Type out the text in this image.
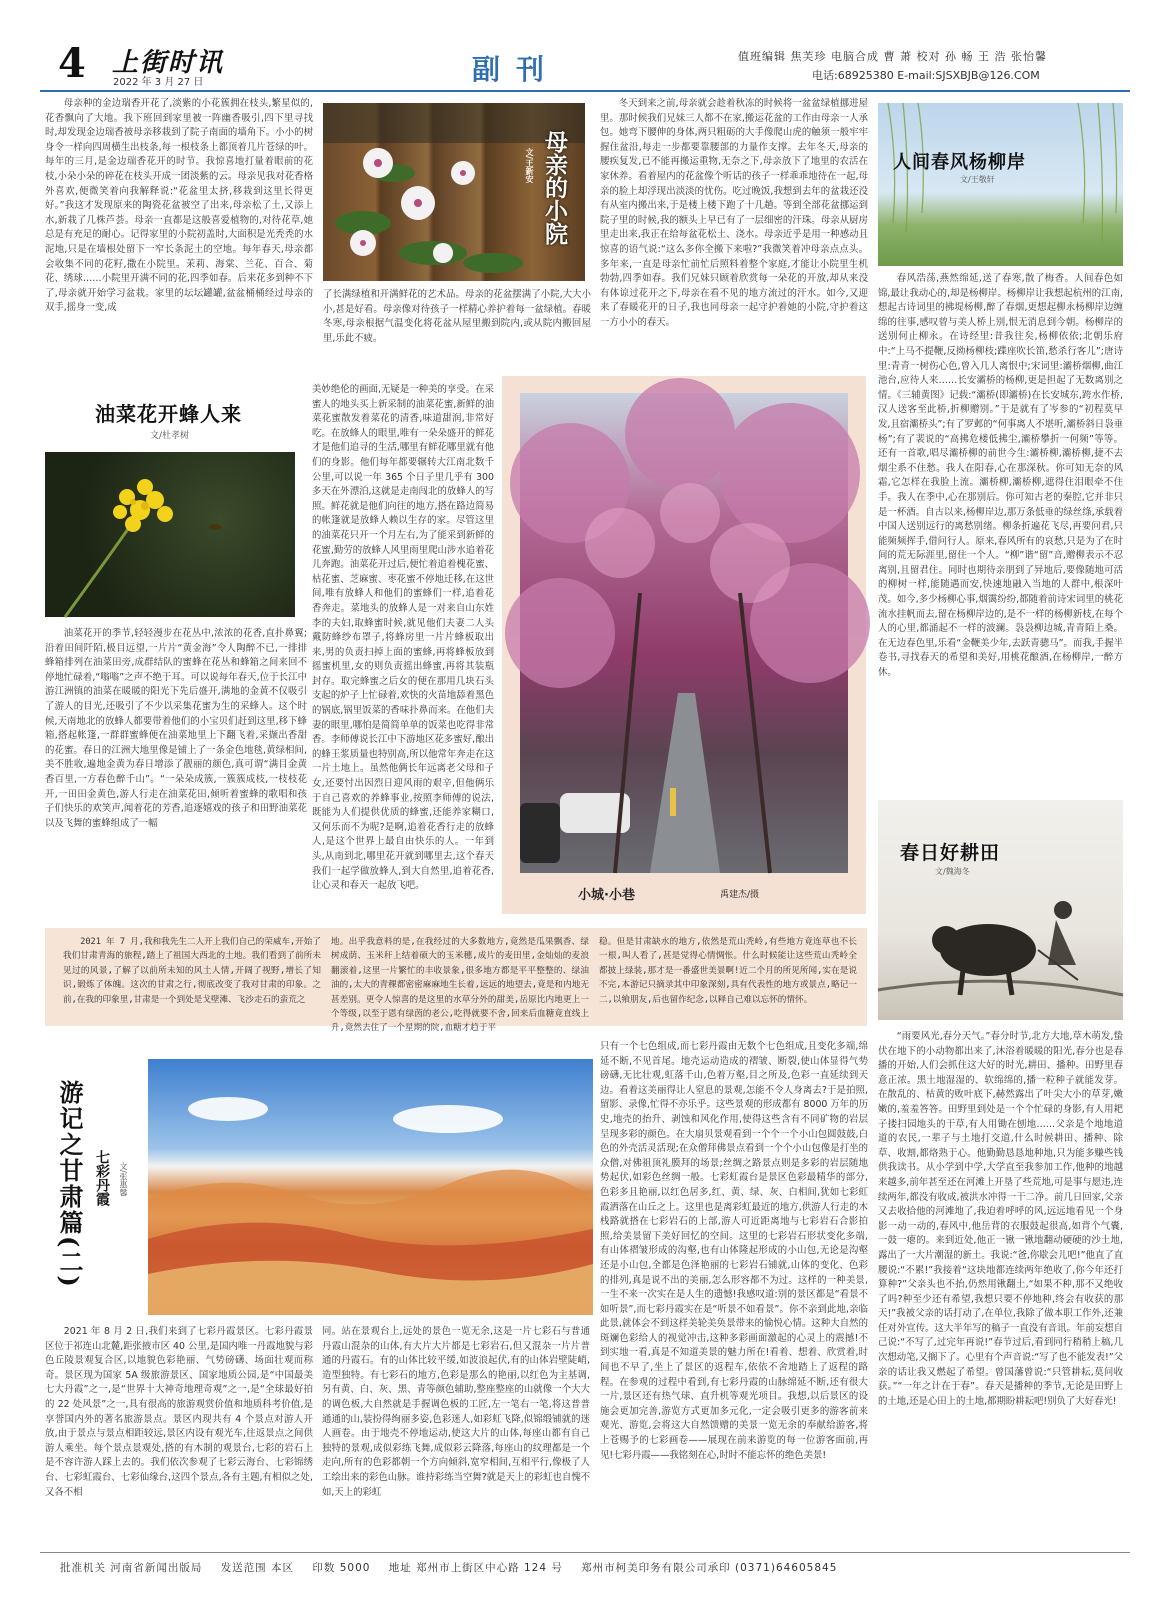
4 上街时讯
2022 年 3 月 27 日	副刊	值班编辑 焦芙珍 电脑合成 曹 萧 校对 孙 畅 王 浩 张怡馨
电话:68925380 E-mail:SJSXBJB@126.COM

母亲种的金边瑞香开花了,淡紫的小花簇拥在枝头,繁星似的,花香飘向了大地。我下班回到家里被一阵幽香吸引,四下里寻找时,却发现金边瑞香被母亲移栽到了院子南面的墙角下。小小的树身令一样向四周横生出枝条,每一根枝条上都顶着几片苍绿的叶。每年的三月,是金边瑞香花开的时节。我惊喜地打量着眼前的花枝,小朵小朵的碎花在枝头开成一团淡紫的云。母亲见我对花香格外喜欢,便微笑着向我解释说:“花盆里太挤,移栽到这里长得更好。”我这才发现原来的陶瓷花盆被空了出来,母亲松了土,又添上水,新栽了几株芦荟。母亲一直都是这般喜爱植物的,对待花草,她总是有充足的耐心。记得家里的小院初盖时,大面积是光秃秃的水泥地,只是在墙根处留下一窄长条泥土的空地。每年春天,母亲都会收集不同的花籽,撒在小院里。茉莉、海棠、兰花、百合、菊花、绣球……小院里开满不同的花,四季如春。后来花多到种不下了,母亲就开始学习盆栽。家里的坛坛罐罐,盆盆桶桶经过母亲的双手,摇身一变,成

母亲的小院
文/王新安

了长满绿植和开满鲜花的艺术品。母亲的花盆摆满了小院,大大小小,甚是好看。母亲像对待孩子一样精心养护着每一盆绿植。春暖冬寒,母亲根据气温变化将花盆从屋里搬到院内,或从院内搬回屋里,乐此不疲。

冬天到来之前,母亲就会趁着秋冻的时候将一盆盆绿植挪进屋里。那时候我们兄妹三人都不在家,搬运花盆的工作由母亲一人承包。她弯下腰伸的身体,两只粗砺的大手像爬山虎的触须一般牢牢握住盆沿,每走一步都要靠腰部的力量作支撑。去年冬天,母亲的腰疾复发,已不能再搬运重物,无奈之下,母亲放下了地里的农活在家休养。看着屋内的花盆像个听话的孩子一样乖乖地待在一起,母亲的脸上却浮现出淡淡的忧伤。吃过晚饭,我想到去年的盆栽还没有从室内搬出来,于是楼上楼下跑了十几趟。等到全部花盆挪运到院子里的时候,我的额头上早已有了一层细密的汗珠。母亲从厨房里走出来,我正在给每盆花松土、浇水。母亲近乎是用一种感动且惊喜的语气说:“这么多你全搬下来啦?”我微笑着冲母亲点点头。多年来,一直是母亲忙前忙后照料着整个家庭,才能让小院里生机勃勃,四季如春。我们兄妹只顾着欣赏每一朵花的开放,却从来没有体谅过花开之下,母亲在看不见的地方流过的汗水。如今,又迎来了春暖花开的日子,我也同母亲一起守护着她的小院,守护着这一方小小的春天。

人间春风杨柳岸
文/王敬轩

春风浩荡,燕然绵延,送了春寒,散了梅香。人间春色如锦,最让我动心的,却是杨柳岸。杨柳岸让我想起杭州的江南,想起古诗词里的拂堤杨柳,醉了春烟,更想起柳永杨柳岸边缠绵的往事,感叹曾与美人桥上别,恨无消息到今朝。杨柳岸的送别何止柳永。在诗经里:昔我往矣,杨柳依依;北朝乐府中:“上马不提鞭,反拗杨柳枝;蹀座吹长笛,愁杀行客儿”;唐诗里:青青一树伤心色,曾入几人离恨中;宋词里:灞桥烟柳,曲江池台,应待人来……长安灞桥的杨柳,更是担起了无数离别之情。《三辅黄图》记载:“灞桥(即灞桥)在长安城东,跨水作桥,汉人送客至此桥,折柳赠别。”于是就有了岑参的“初程莫早发,且宿灞桥头”;有了罗邺的“何事离人不堪听,灞桥斜日袅垂杨”;有了裴说的“高拂危楼低拂尘,灞桥攀折一何频”等等。还有一首歌,唱尽灞桥柳的前世今生:灞桥柳,灞桥柳,捷不去烟尘系不住愁。我人在阳春,心在那深秋。你可知无奈的风霜,它怎样在我脸上流。灞桥柳,灞桥柳,遮得住泪眼牵不住手。我人在季中,心在那别后。你可知古老的秦腔,它并非只是一杯酒。自古以来,杨柳岸边,那万条低垂的绿丝绦,承载着中国人送别远行的离愁别绪。柳条折遍花飞尽,再要问君,只能频频挥手,借问行人。原来,春风所有的哀愁,只是为了在时间的荒无际涯里,留住一个人。“柳”谐“留”音,赠柳表示不忍离别,且留君住。同时也期待亲朋到了异地后,要像随地可活的柳树一样,能随遇而安,快速地融入当地的人群中,根深叶茂。如今,多少杨柳心事,烟霭纷纷,都随着前诗宋词里的桃花流水挂帆而去,留在杨柳岸边的,是不一样的杨柳新枝,在每个人的心里,都涌起不一样的波澜。袅袅柳边城,青青陌上桑。在无边春色里,乐看“金鞭美少年,去跃青骢马”。而我,手握半卷书,寻找春天的希望和美好,用桃花酿酒,在杨柳岸,一醉方休。

油菜花开蜂人来
文/杜孝树

油菜花开的季节,轻轻漫步在花丛中,浓浓的花香,直扑鼻翼;沿着田间阡陌,极目远望,一片片“黄金海”令人陶醉不已,一排排蜂箱排列在油菜田旁,成群结队的蜜蜂在花丛和蜂箱之间来回不停地忙碌着,“嗡嗡”之声不绝于耳。可以说每年春天,位于长江中游江洲镇的油菜在暖暖的阳光下先后盛开,满地的金黄不仅吸引了游人的目光,还吸引了不少以采集花蜜为生的采蜂人。这个时候,天南地北的放蜂人都要带着他们的小宝贝们赶到这里,移下蜂箱,搭起帐篷,一群群蜜蜂便在油菜地里上下翻飞着,采撷出香甜的花蜜。春日的江洲大地里像是铺上了一条金色地毯,黄绿相间,美不胜收,遍地金黄为春日增添了靓丽的颜色,真可谓“满目金黄香百里,一方春色醉千山”。“一朵朵成簇,一簇簇成枝,一枝枝花开,一田田金黄色,游人行走在油菜花田,倾听着蜜蜂的歌唱和孩子们快乐的欢笑声,闻着花的芳香,追逐嬉戏的孩子和田野油菜花以及飞舞的蜜蜂组成了一幅

美妙绝伦的画面,无疑是一种美的享受。在采蜜人的地头买上新采制的油菜花蜜,新鲜的油菜花蜜散发着菜花的清香,味道甜润,非常好吃。在放蜂人的眼里,唯有一朵朵盛开的鲜花才是他们追寻的生活,哪里有鲜花哪里就有他们的身影。他们每年都要辗转大江南北数千公里,可以说一年 365 个日子里几乎有 300 多天在外漂泊,这就是走南闯北的放蜂人的写照。鲜花就是他们向往的地方,搭在路边简易的帐篷就是放蜂人赖以生存的家。尽管这里的油菜花只开一个月左右,为了能采到新鲜的花蜜,勤劳的放蜂人风里雨里爬山涉水追着花儿奔跑。油菜花开过后,便忙着追着槐花蜜、枯花蜜、芝麻蜜、枣花蜜不停地迁移,在这世间,唯有放蜂人和他们的蜜蜂们一样,追着花香奔走。菜地头的放蜂人是一对来自山东姓李的夫妇,取蜂蜜时候,就见他们夫妻二人头戴防蜂纱布罩子,将蜂房里一片片蜂板取出来,男的负责扫掉上面的蜜蜂,再将蜂板放到摇蜜机里,女的则负责摇出蜂蜜,再将其装瓶封存。取完蜂蜜之后女的便在那用几块石头支起的炉子上忙碌着,欢快的火苗地舔着黑色的锅底,锅里饭菜的香味扑鼻而来。在他们夫妻的眼里,哪怕是简简单单的饭菜也吃得非常香。李师傅说长江中下游地区花多蜜好,酿出的蜂王浆质量也特别高,所以他常年奔走在这一片土地上。虽然他俩长年远离老父母和子女,还要忖出因烈日迎风雨的艰辛,但他俩乐于自己喜欢的养蜂事业,按照李师傅的说法,既能为人们提供优质的蜂蜜,还能养家糊口,又何乐而不为呢?是啊,追着花香行走的放蜂人,是这个世界上最自由快乐的人。一年到头,从南到北,哪里花开就到哪里去,这个春天我们一起学做放蜂人,到大自然里,追着花香,让心灵和春天一起放飞吧。

小城·小巷	禹建杰/摄
春日好耕田
文/魏海冬

“雨要风光,春分天气。”春分时节,北方大地,草木萌发,蛰伏在地下的小动物都出来了,沐浴着暖暖的阳光,春分也是春播的开始,人们会抓住这大好的时光,耕田、播种。田野里春意正浓。黑土地湿湿的、软绵绵的,播一粒种子就能发芽。在散乱的、枯黄的败叶底下,赫然露出了叶尖大小的草芽,嫩嫩的,羞羞答答。田野里到处是一个个忙碌的身影,有人用耙子搂扫园地头的干草,有人用锄在刨地……父亲是个地地道道的农民,一辈子与土地打交道,什么时候耕田、播种、除草、收割,都烙熟于心。他勤勤恳恳地种地,只为能多赚些钱供我读书。从小学到中学,大学直至我参加工作,他种的地越来越多,前年甚至还在河滩上开垦了些荒地,可是事与愿违,连续两年,都没有收成,被洪水冲得一干二净。前几日回家,父亲又去收拾他的河滩地了,我迫着呼呼的风,远远地看见一个身影一动一动的,春风中,他岳背的衣服鼓起很高,如背个气囊,一鼓一瘪的。来到近处,他正一锹一锹地翻动硬硬的沙土地,露出了一大片潮湿的新土。我说:“爸,你歇会儿吧!”他直了直腰说:“不累!”我接着“这块地都连续两年绝收了,你今年还打算种?”父亲头也不抬,仍然用锹翻土,“如果不种,那不又绝收了吗?种至少还有希望,我想只要不停地种,终会有收获的那天!”我被父亲的话打动了,在单位,我除了做本职工作外,还兼任对外宣传。这大半年写的稿子一直没有音讯。年前妄想自己说:“不写了,过完年再说!”春节过后,看到同行稍稍上稿,几次想动笔,又搁下了。心里有个声音说:“写了也不能发表!”父亲的话让我又燃起了希望。曾国藩曾说:“只管耕耘,莫问收获。”“一年之计在于春”。春天是播种的季节,无论是田野上的土地,还是心田上的土地,都期盼耕耘吧!别负了大好春光!

2021 年 7 月,我和我先生二人开上我们自己的荣威车,开始了我们甘肃青海的旅程,踏上了祖国大西北的土地。我们看到了前所未见过的风景,了解了以前所未知的风土人情,开阔了视野,增长了知识,锻炼了体魄。这次的甘肃之行,彻底改变了我对甘肃的印象。之前,在我的印象里,甘肃是一个到处是戈壁滩、飞沙走石的蛮荒之

地。出乎我意料的是,在我经过的大多数地方,竟然是瓜果飘香、绿树成荫、玉米秆上结着硕大的玉米穗,成片的麦田里,金灿灿的麦浪翻滚着,这里一片繁忙的丰收景象,很多地方都是平平整整的、绿油油的,太大的青稞都密密麻麻地生长着,远远的地望去,竟是和内地无甚差别。更令人惊喜的是这里的水草分外的甜美,岳原比内地更上一个等级,以至于恩有绿茵的老公,吃得就要不舍,回来后血糖竟直线上升,竟然去住了一个星期的院,血糖才趋于平

稳。但是甘肃缺水的地方,依然是荒山秃岭,有些地方竟连草也不长一根,叫人看了,甚是觉得心情惆怅。什么时候能让这些荒山秃岭全都披上绿装,那才是一番盛世美景啊!近二个月的所见所闻,实在是说不完,本游记只摘录其中印象深刻,具有代表性的地方或景点,略记一二,以飨朋友,后也留作纪念,以释自己难以忘怀的情怀。

游记之甘肃篇(二) 七彩丹霞 文/张惠馨

2021 年 8 月 2 日,我们来到了七彩丹霞景区。七彩丹霞景区位于祁连山北麓,距张掖市区 40 公里,是国内唯一丹霞地貌与彩色丘陵景观复合区,以地貌色彩艳丽、气势磅礴、场面壮观而称奇。景区现为国家 5A 级旅游景区、国家地质公园,是“中国最美七大丹霞”之一,是“世界十大神奇地理奇观”之一,是“全球最好拍的 22 处风景”之一,具有很高的旅游观赏价值和地质科考价值,是享誉国内外的著名旅游景点。景区内现共有 4 个景点对游人开放,由于景点与景点相距较远,景区内设有观光车,往返景点之间供游人乘坐。每个景点景观处,搭的有木制的观景台,七彩的岩石上是不容许游人踩上去的。我们依次参观了七彩云海台、七彩锦绣台、七彩虹霞台、七彩仙缘台,这四个景点,各有主题,有相似之处,又各不相

同。站在景观台上,远处的景色一览无余,这是一片七彩石与普通丹霞山混杂的山体,有大片大片都是七彩岩石,但又混杂一片片普通的丹霞石。有的山体比较平缓,如波浪起伏,有的山体岩壁陡峭,造型独特。有七彩石的地方,色彩是那么的艳丽,以红色为主基调,另有黄、白、灰、黑、青等颜色辅助,整座整座的山就像一个大大的调色板,大自然就是手握调色板的工匠,左一笔右一笔,将这普普通通的山,装扮得绚丽多姿,色彩迷人,如彩虹飞降,似锦缎铺就的迷人画卷。由于地壳不停地运动,使这大片的山体,每座山都有自己独特的景观,成似彩练飞舞,成似彩云降落,每座山的纹理都是一个走向,所有的色彩都朝一个方向倾斜,宽窄相间,互相平行,像极了人工绘出来的彩色山脉。谁持彩练当空舞?就是天上的彩虹也自愧不如,天上的彩虹

只有一个七色组成,而七彩丹霞由无数个七色组成,且变化多端,绵延不断,不见首尾。地壳运动造成的褶皱、断裂,使山体显得气势磅礴,无比壮观,虹落千山,色着万壑,目之所及,色彩一直延续到天边。看着这美丽得让人窒息的景观,怎能不令人身离去?于是拍照,留影、录像,忙得不亦乐乎。这些景观的形成都有 8000 万年的历史,地壳的抬升、剥蚀和风化作用,使得这些含有不同矿物的岩层呈现多彩的颜色。在大扇贝景观看到一个个一个小山包圆鼓鼓,白色的外壳活灵活现;在众僧拜佛景点看到一个个小山包像是打坐的众僧,对佛祖顶礼膜拜的场景;丝绸之路景点则是多彩的岩层随地势起伏,如彩色丝绸一般。七彩虹霞台是景区色彩最精华的部分,色彩多且艳丽,以红色居多,红、黄、绿、灰、白相间,犹如七彩虹霞洒落在山丘之上。这里也是离彩虹最近的地方,供游人行走的木栈路就搭在七彩岩石的上部,游人可近距离地与七彩岩石合影拍照,给美景留下美好回忆的空间。这里的七彩岩石形状变化多端,有山体褶皱形成的沟壑,也有山体隆起形成的小山包,无论是沟壑还是小山包,全都是色泽艳丽的七彩岩石铺就,山体的变化、色彩的排列,真是说不出的美丽,怎么形容都不为过。这样的一种美景,一生不来一次实在是人生的遗憾!我感叹道:别的景区都是“看景不如听景”,而七彩丹霞实在是“听景不如看景”。你不亲到此地,亲临此景,就体会不到这样美轮美奂景带来的愉悦心情。这种大自然的斑斓色彩给人的视觉冲击,这种多彩画面激起的心灵上的震撼!不到实地一看,真是不知道美景的魅力所在!看着、想着、欣赏着,时间也不早了,坐上了景区的返程车,依依不舍地踏上了返程的路程。在参观的过程中看到,有七彩丹霞的山脉绵延不断,还有很大一片,景区还有热气球、直升机等观光项目。我想,以后景区的设施会更加完善,游览方式更加多元化,一定会吸引更多的游客前来观光、游览,会将这大自然馈赠的美景一览无余的奉献给游客,将上苍赐予的七彩画卷——展现在前来游览的每一位游客面前,再见!七彩丹霞——我铭刻在心,时时不能忘怀的绝色美景!

批准机关 河南省新闻出版局 发送范围 本区 印数 5000 地址 郑州市上街区中心路 124 号 郑州市柯美印务有限公司承印 (0371)64605845
